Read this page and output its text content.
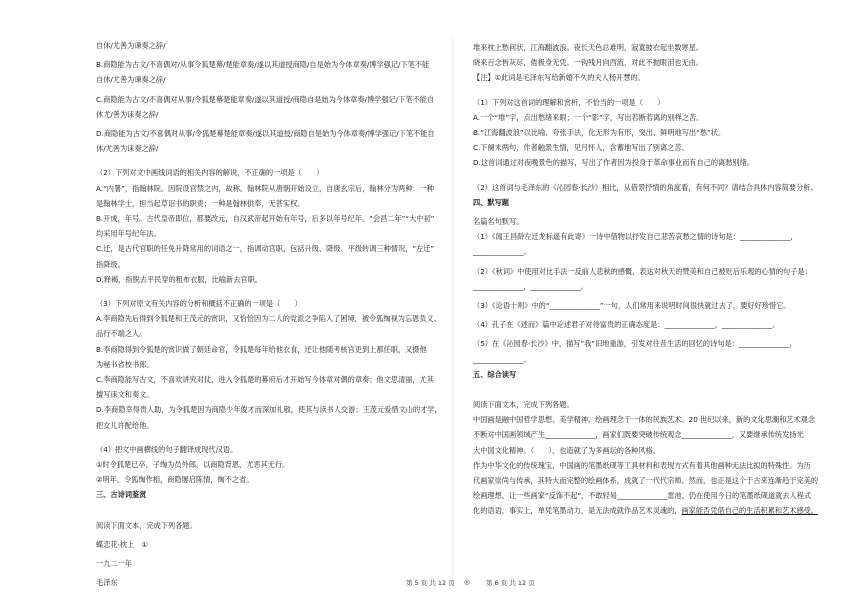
自休/尤善为谏奏之辞/

B.商隐能为古文/不喜偶对/从事令狐楚幕/楚能章奏/遂以其道授商隐/自是始为今体章奏/博学强记/下笔不能

自休/尤善为谏奏之辞/

C.商隐能为古文/不喜偶对从事/令狐楚幕楚能章奏/遂以其道授/商隐自是始为今体章奏/博学强记/下笔不能自

休尤/善为诔奏之辞/

D.商隐能为古文/不喜偶对从事/令狐楚幕楚能章奏/遂以其道授/商隐自是始为今体章奏/博学强记/下笔不能自

休/尤善为诔奏之辞/

（2）下列对文中画线词语的相关内容的解说，不正确的一项是（　　）

A.“内署”，指翰林院。因院设宫禁之内，故称。翰林院从唐朝开始设立，自唐玄宗后，翰林分为两种：一种

是翰林学士，担当起草诏书的职责；一种是翰林供奉，无甚实权。

B.开成，年号。古代皇帝即位，都要改元，自汉武帝起开始有年号，后多以年号纪年。“会昌二年”“大中初”

均采用年号纪年法。

C.迁，是古代官职的任免升降常用的词语之一，指调动官职，包括升级、降级、平级转调三种情况，“左迁”

指降级。

D.释褐，指脱去平民穿的粗布衣服，比喻新去官职。

（3）下列对原文有关内容的分析和概括不正确的一项是（　　）

A.李商隐先后得到令狐楚和王茂元的赏识，又恰恰因为二人的党派之争陷入了困境，被令狐绹视为忘恩负义、

品行不端之人。

B.李商隐得到令狐楚的赏识做了朝廷命官，令狐楚每年给他衣食，还让他随考核官吏到上都任职，又摄他

为秘书省校书郎。

C.李商隐能写古文，不喜欢讲究对仗，进入令狐楚的幕府后才开始写今体章对偶的章奏；他文思清丽，尤其

擅写诔文和奏文。

D.李商隐幸得贵人助，为令狐楚因为商隐少年俊才而深加礼敬，使其与读书人交游；王茂元爱惜文山的才学，

把女儿许配给他。

（4）把文中画横线的句子翻译成现代汉语。

①时令狐楚已卒，子绹为员外郎，以商隐背恩，尤恶其无行。

②明年，令狐绹作相，商隐屡启陈情，绹不之省。

三、古诗词鉴赏

阅读下面文本，完成下列各题。

蝶恋花·枕上　①

一九二一年

毛泽东

堆来枕上愁何状，江海翻波浪。夜长天色总难明，寂寞披衣起坐数寒星。

晓来百念皆灰尽，倦极身无凭。一钩残月向西流，对此不抛眼泪也无由。

【注】①此词是毛泽东写给新婚不久的夫人杨开慧的。

（1）下列对这首词的理解和赏析，不恰当的一项是（　　）

A.一个“堆”字，点出愁绪来眼；一个“影”字，写出若断若离的别样之苦。

B.“江海翻波浪”以比喻、夸张手法，化无形为有形，突出、鲜明地写出“愁”状。

C.下阕末两句，作者触景生情，见月怀人，含蓄地写出了别离之苦。

D.这首词通过对夜晚景色的描写，写出了作者因为投身于革命事业而有自己的离愁别绪。

（2）这首词与毛泽东的《沁园春·长沙》相比，从借景抒情的角度看，有何不同？请结合具体内容简要分析。

四、默写题

名篇名句默写。

（1）《闻王昌龄左迁龙标遥有此寄》一诗中借物以抒发自己悲苦哀愁之情的诗句是：______________，

______________。

（2）《秋词》中使用对比手法一反前人悲秋的感慨，表达对秋天的赞美和自己被贬后乐观的心情的句子是：

______________，______________。

（3）《论语十则》中的“______________”一句，人们常用来说明时间很快就过去了，要好好珍惜它。

（4）孔子在《述而》篇中论述君子对待富贵的正确态度是：______________，______________。

（5）在《沁园春·长沙》中，描写“我”旧地重游，引发对往昔生活的回忆的诗句是：______________，

______________。

五、综合读写

阅读下面文本，完成下列各题。

中国画是融中国哲学思想、美学精神、绘画理念于一体的民族艺术。20 世纪以来，新的文化思潮和艺术观念

不断对中国画领域产生______________，画家们既要突破传统观念______________，又要继承传统发扬光

大中国文化精神。（　　），也造就了为多画坛的各种风格。

作为中华文化的传统瑰宝，中国画的笔墨纸砚等工具材料和表现方式有着其他画种无法比拟的特殊性。为历

代画家崇尚与传承，其特大而完整的绘画体系，成就了一代代宗师。然而，也正是这个于古来连渐趋于完美的

绘画理想，让一些画家“反饰不起”，不敢轻易______________雷池，仍在使用今日的笔墨纸砚道就去人程式

化的语语，事实上，单凭笔墨动力，是无法成就作品艺术灵魂的，画家能否凭借自己的生活积累和艺术感受，

第 5 页 共 12 页 ◎	第 6 页 共 12 页
